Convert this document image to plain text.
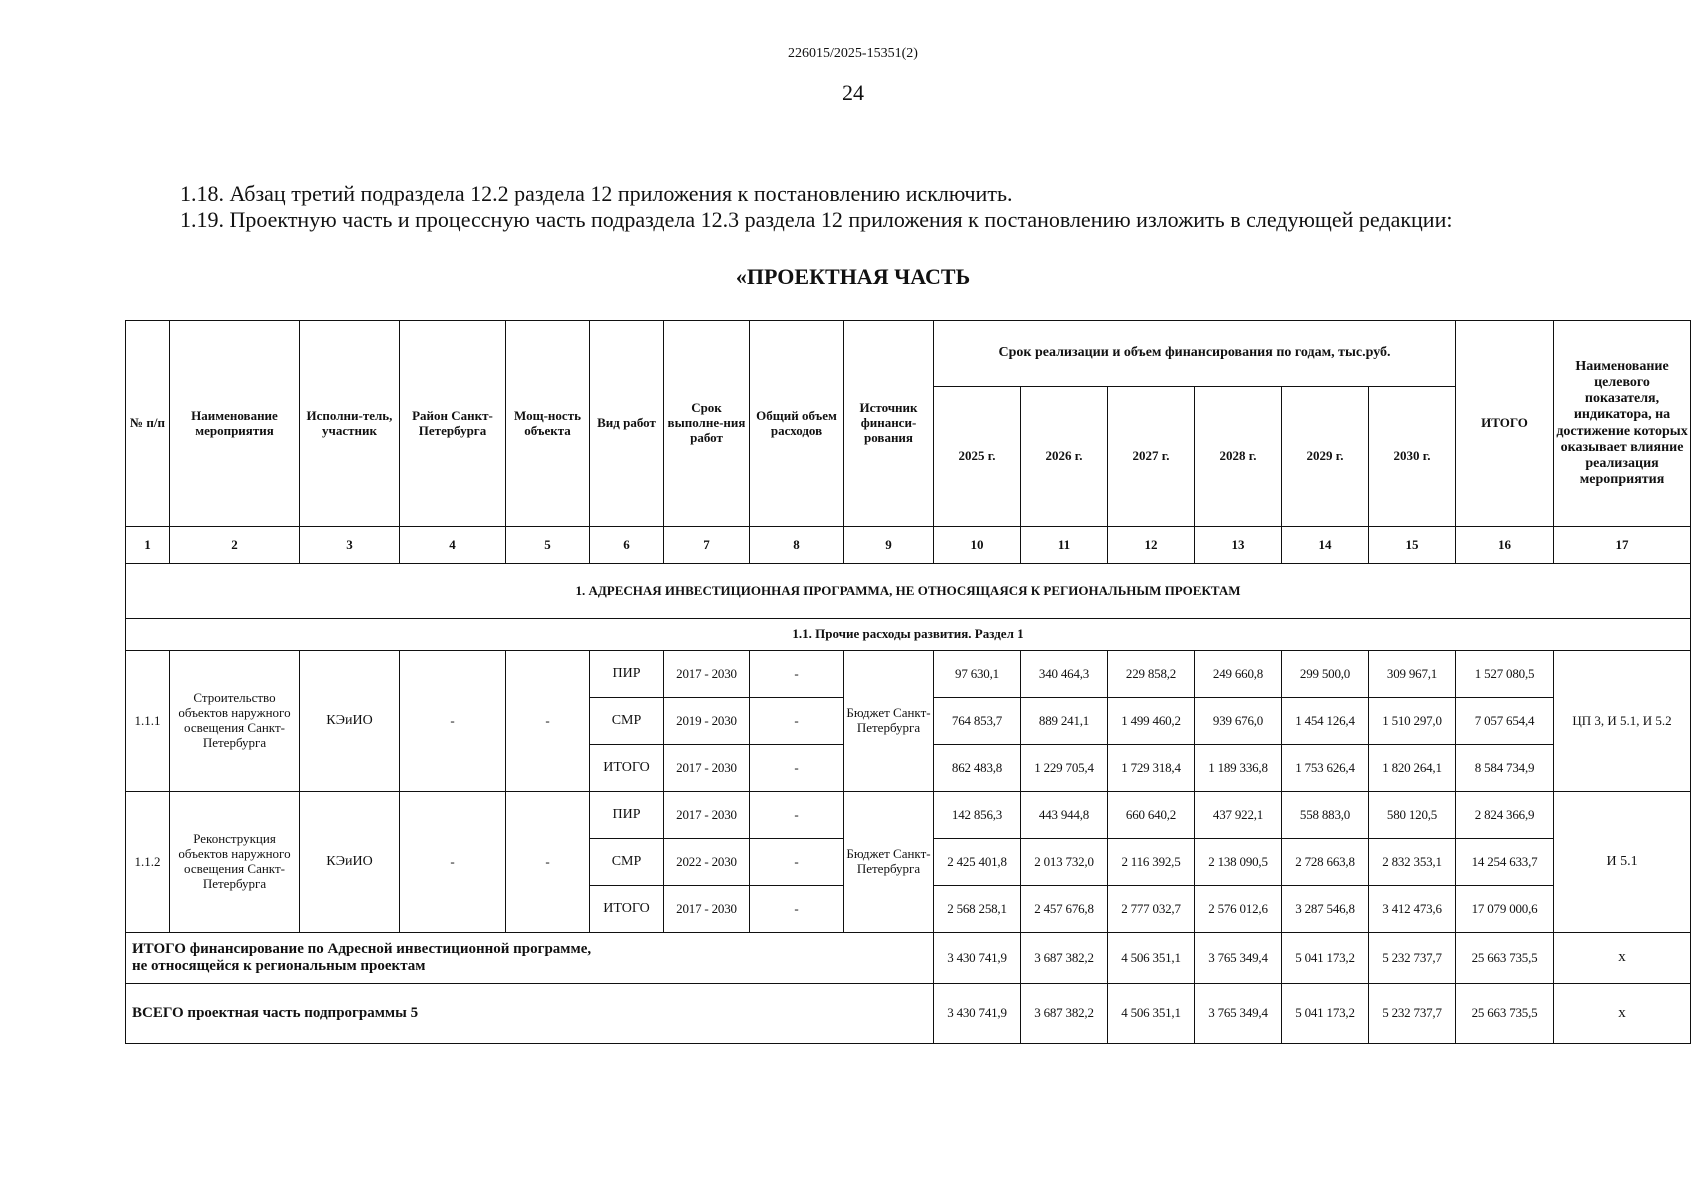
226015/2025-15351(2)
24
1.18. Абзац третий подраздела 12.2 раздела 12 приложения к постановлению исключить.
1.19. Проектную часть и процессную часть подраздела 12.3 раздела 12 приложения к постановлению изложить в следующей редакции:
«ПРОЕКТНАЯ ЧАСТЬ
№ п/п	Наименование мероприятия	Исполни-тель, участник	Район Санкт-Петербурга	Мощ-ность объекта	Вид работ	Срок выполне-ния работ	Общий объем расходов	Источник финанси-рования	Срок реализации и объем финансирования по годам, тыс.руб.						ИТОГО	Наименование целевого показателя, индикатора, на достижение которых оказывает влияние реализация мероприятия
									2025 г.	2026 г.	2027 г.	2028 г.	2029 г.	2030 г.		
1	2	3	4	5	6	7	8	9	10	11	12	13	14	15	16	17
1. АДРЕСНАЯ ИНВЕСТИЦИОННАЯ ПРОГРАММА, НЕ ОТНОСЯЩАЯСЯ К РЕГИОНАЛЬНЫМ ПРОЕКТАМ																
1.1. Прочие расходы развития. Раздел 1																
1.1.1	Строительство объектов наружного освещения Санкт-Петербурга	КЭиИО	-	-	ПИР	2017 - 2030	-	Бюджет Санкт-Петербурга	97 630,1	340 464,3	229 858,2	249 660,8	299 500,0	309 967,1	1 527 080,5	ЦП 3, И 5.1, И 5.2
					СМР	2019 - 2030	-		764 853,7	889 241,1	1 499 460,2	939 676,0	1 454 126,4	1 510 297,0	7 057 654,4	
					ИТОГО	2017 - 2030	-		862 483,8	1 229 705,4	1 729 318,4	1 189 336,8	1 753 626,4	1 820 264,1	8 584 734,9	
1.1.2	Реконструкция объектов наружного освещения Санкт-Петербурга	КЭиИО	-	-	ПИР	2017 - 2030	-	Бюджет Санкт-Петербурга	142 856,3	443 944,8	660 640,2	437 922,1	558 883,0	580 120,5	2 824 366,9	И 5.1
					СМР	2022 - 2030	-		2 425 401,8	2 013 732,0	2 116 392,5	2 138 090,5	2 728 663,8	2 832 353,1	14 254 633,7	
					ИТОГО	2017 - 2030	-		2 568 258,1	2 457 676,8	2 777 032,7	2 576 012,6	3 287 546,8	3 412 473,6	17 079 000,6	
ИТОГО финансирование по Адресной инвестиционной программе,
не относящейся к региональным проектам									3 430 741,9	3 687 382,2	4 506 351,1	3 765 349,4	5 041 173,2	5 232 737,7	25 663 735,5	х
ВСЕГО проектная часть подпрограммы 5									3 430 741,9	3 687 382,2	4 506 351,1	3 765 349,4	5 041 173,2	5 232 737,7	25 663 735,5	х
